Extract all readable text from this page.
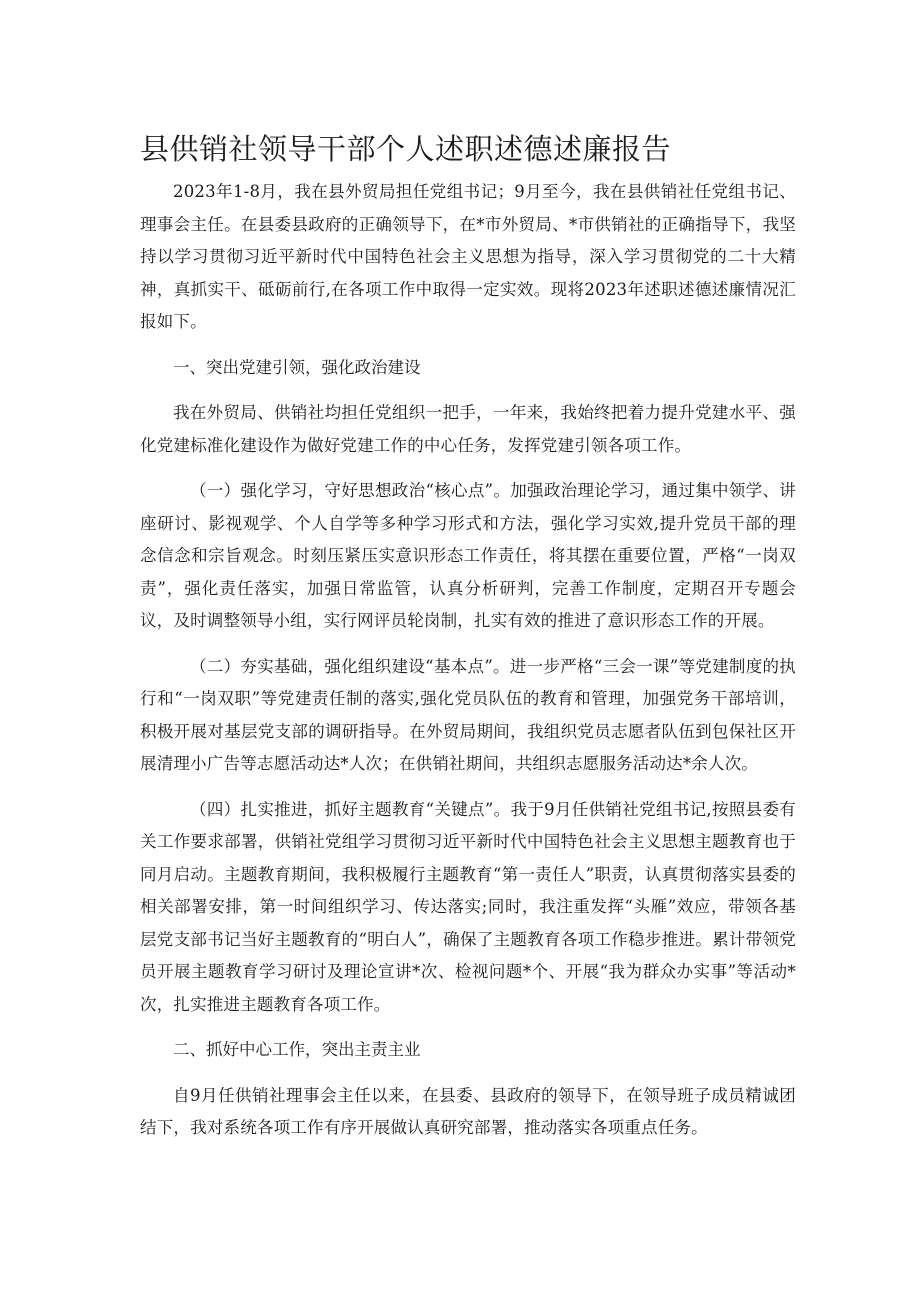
县供销社领导干部个人述职述德述廉报告

2023年1-8月，我在县外贸局担任党组书记；9月至今，我在县供销社任党组书记、理事会主任。在县委县政府的正确领导下，在*市外贸局、*市供销社的正确指导下，我坚持以学习贯彻习近平新时代中国特色社会主义思想为指导，深入学习贯彻党的二十大精神，真抓实干、砥砺前行,在各项工作中取得一定实效。现将2023年述职述德述廉情况汇报如下。

一、突出党建引领，强化政治建设

我在外贸局、供销社均担任党组织一把手，一年来，我始终把着力提升党建水平、强化党建标准化建设作为做好党建工作的中心任务，发挥党建引领各项工作。

（一）强化学习，守好思想政治“核心点”。加强政治理论学习，通过集中领学、讲座研讨、影视观学、个人自学等多种学习形式和方法，强化学习实效,提升党员干部的理念信念和宗旨观念。时刻压紧压实意识形态工作责任，将其摆在重要位置，严格“一岗双责”，强化责任落实，加强日常监管，认真分析研判，完善工作制度，定期召开专题会议，及时调整领导小组，实行网评员轮岗制，扎实有效的推进了意识形态工作的开展。

（二）夯实基础，强化组织建设“基本点”。进一步严格“三会一课”等党建制度的执行和“一岗双职”等党建责任制的落实,强化党员队伍的教育和管理，加强党务干部培训，积极开展对基层党支部的调研指导。在外贸局期间，我组织党员志愿者队伍到包保社区开展清理小广告等志愿活动达*人次；在供销社期间，共组织志愿服务活动达*余人次。

（四）扎实推进，抓好主题教育“关键点”。我于9月任供销社党组书记,按照县委有关工作要求部署，供销社党组学习贯彻习近平新时代中国特色社会主义思想主题教育也于同月启动。主题教育期间，我积极履行主题教育“第一责任人”职责，认真贯彻落实县委的相关部署安排，第一时间组织学习、传达落实;同时，我注重发挥“头雁”效应，带领各基层党支部书记当好主题教育的“明白人”，确保了主题教育各项工作稳步推进。累计带领党员开展主题教育学习研讨及理论宣讲*次、检视问题*个、开展“我为群众办实事”等活动*次，扎实推进主题教育各项工作。

二、抓好中心工作，突出主责主业

自9月任供销社理事会主任以来，在县委、县政府的领导下，在领导班子成员精诚团结下，我对系统各项工作有序开展做认真研究部署，推动落实各项重点任务。
